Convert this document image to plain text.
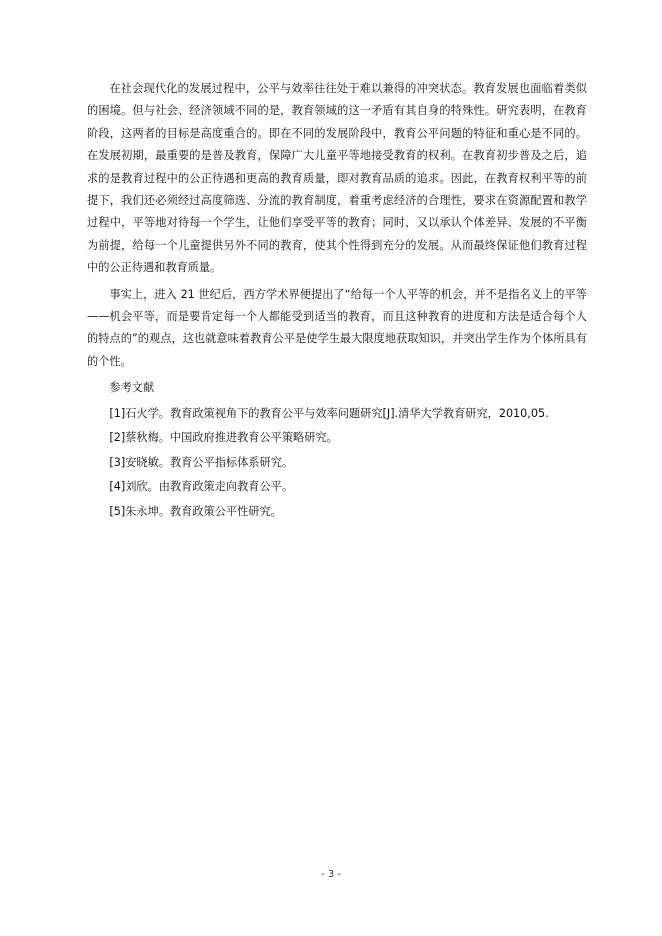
在社会现代化的发展过程中，公平与效率往往处于难以兼得的冲突状态。教育发展也面临着类似的困境。但与社会、经济领域不同的是，教育领域的这一矛盾有其自身的特殊性。研究表明，在教育阶段，这两者的目标是高度重合的。即在不同的发展阶段中，教育公平问题的特征和重心是不同的。在发展初期，最重要的是普及教育，保障广大儿童平等地接受教育的权利。在教育初步普及之后，追求的是教育过程中的公正待遇和更高的教育质量，即对教育品质的追求。因此，在教育权利平等的前提下，我们还必须经过高度筛选、分流的教育制度，着重考虑经济的合理性，要求在资源配置和教学过程中，平等地对待每一个学生，让他们享受平等的教育；同时，又以承认个体差异、发展的不平衡为前提，给每一个儿童提供另外不同的教育，使其个性得到充分的发展。从而最终保证他们教育过程中的公正待遇和教育质量。

事实上，进入 21 世纪后，西方学术界便提出了“给每一个人平等的机会，并不是指名义上的平等——机会平等，而是要肯定每一个人都能受到适当的教育，而且这种教育的进度和方法是适合每个人的特点的”的观点，这也就意味着教育公平是使学生最大限度地获取知识，并突出学生作为个体所具有的个性。

参考文献

[1]石火学。教育政策视角下的教育公平与效率问题研究[J].清华大学教育研究，2010,05.
[2]蔡秋梅。中国政府推进教育公平策略研究。
[3]安晓敏。教育公平指标体系研究。
[4]刘欣。由教育政策走向教育公平。
[5]朱永坤。教育政策公平性研究。
- 3 -
